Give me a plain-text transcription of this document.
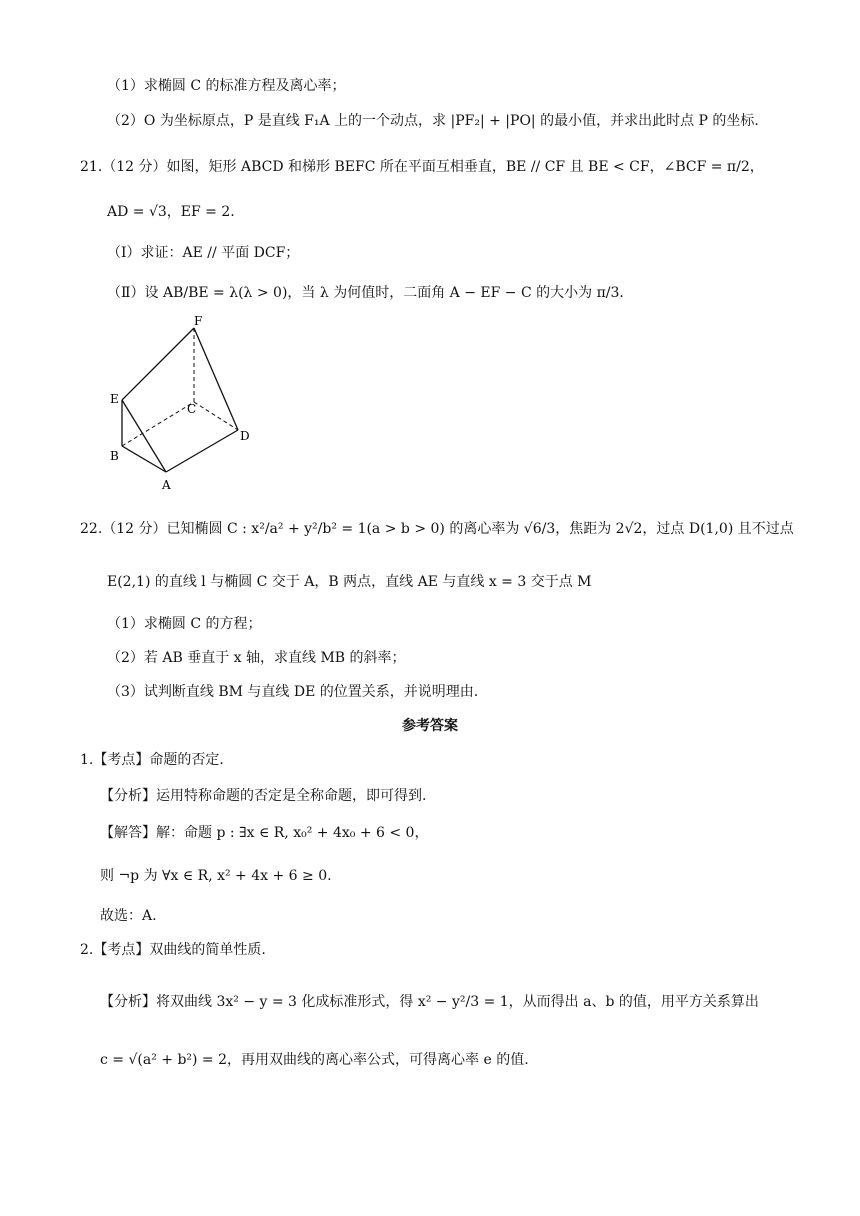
（1）求椭圆 C 的标准方程及离心率；
（2）O 为坐标原点，P 是直线 F₁A 上的一个动点，求 |PF₂| + |PO| 的最小值，并求出此时点 P 的坐标.
21.（12 分）如图，矩形 ABCD 和梯形 BEFC 所在平面互相垂直，BE // CF 且 BE < CF，∠BCF = π/2，
AD = √3，EF = 2.
（Ⅰ）求证：AE // 平面 DCF；
（Ⅱ）设 AB/BE = λ(λ > 0)，当 λ 为何值时，二面角 A − EF − C 的大小为 π/3.
F
E
C
D
B
A
22.（12 分）已知椭圆 C : x²/a² + y²/b² = 1(a > b > 0) 的离心率为 √6/3，焦距为 2√2，过点 D(1,0) 且不过点
E(2,1) 的直线 l 与椭圆 C 交于 A，B 两点，直线 AE 与直线 x = 3 交于点 M
（1）求椭圆 C 的方程；
（2）若 AB 垂直于 x 轴，求直线 MB 的斜率；
（3）试判断直线 BM 与直线 DE 的位置关系，并说明理由.
参考答案
1.【考点】命题的否定.
【分析】运用特称命题的否定是全称命题，即可得到.
【解答】解：命题 p : ∃x ∈ R, x₀² + 4x₀ + 6 < 0，
则 ¬p 为 ∀x ∈ R, x² + 4x + 6 ≥ 0.
故选：A.
2.【考点】双曲线的简单性质.
【分析】将双曲线 3x² − y = 3 化成标准形式，得 x² − y²/3 = 1，从而得出 a、b 的值，用平方关系算出
c = √(a² + b²) = 2，再用双曲线的离心率公式，可得离心率 e 的值.
